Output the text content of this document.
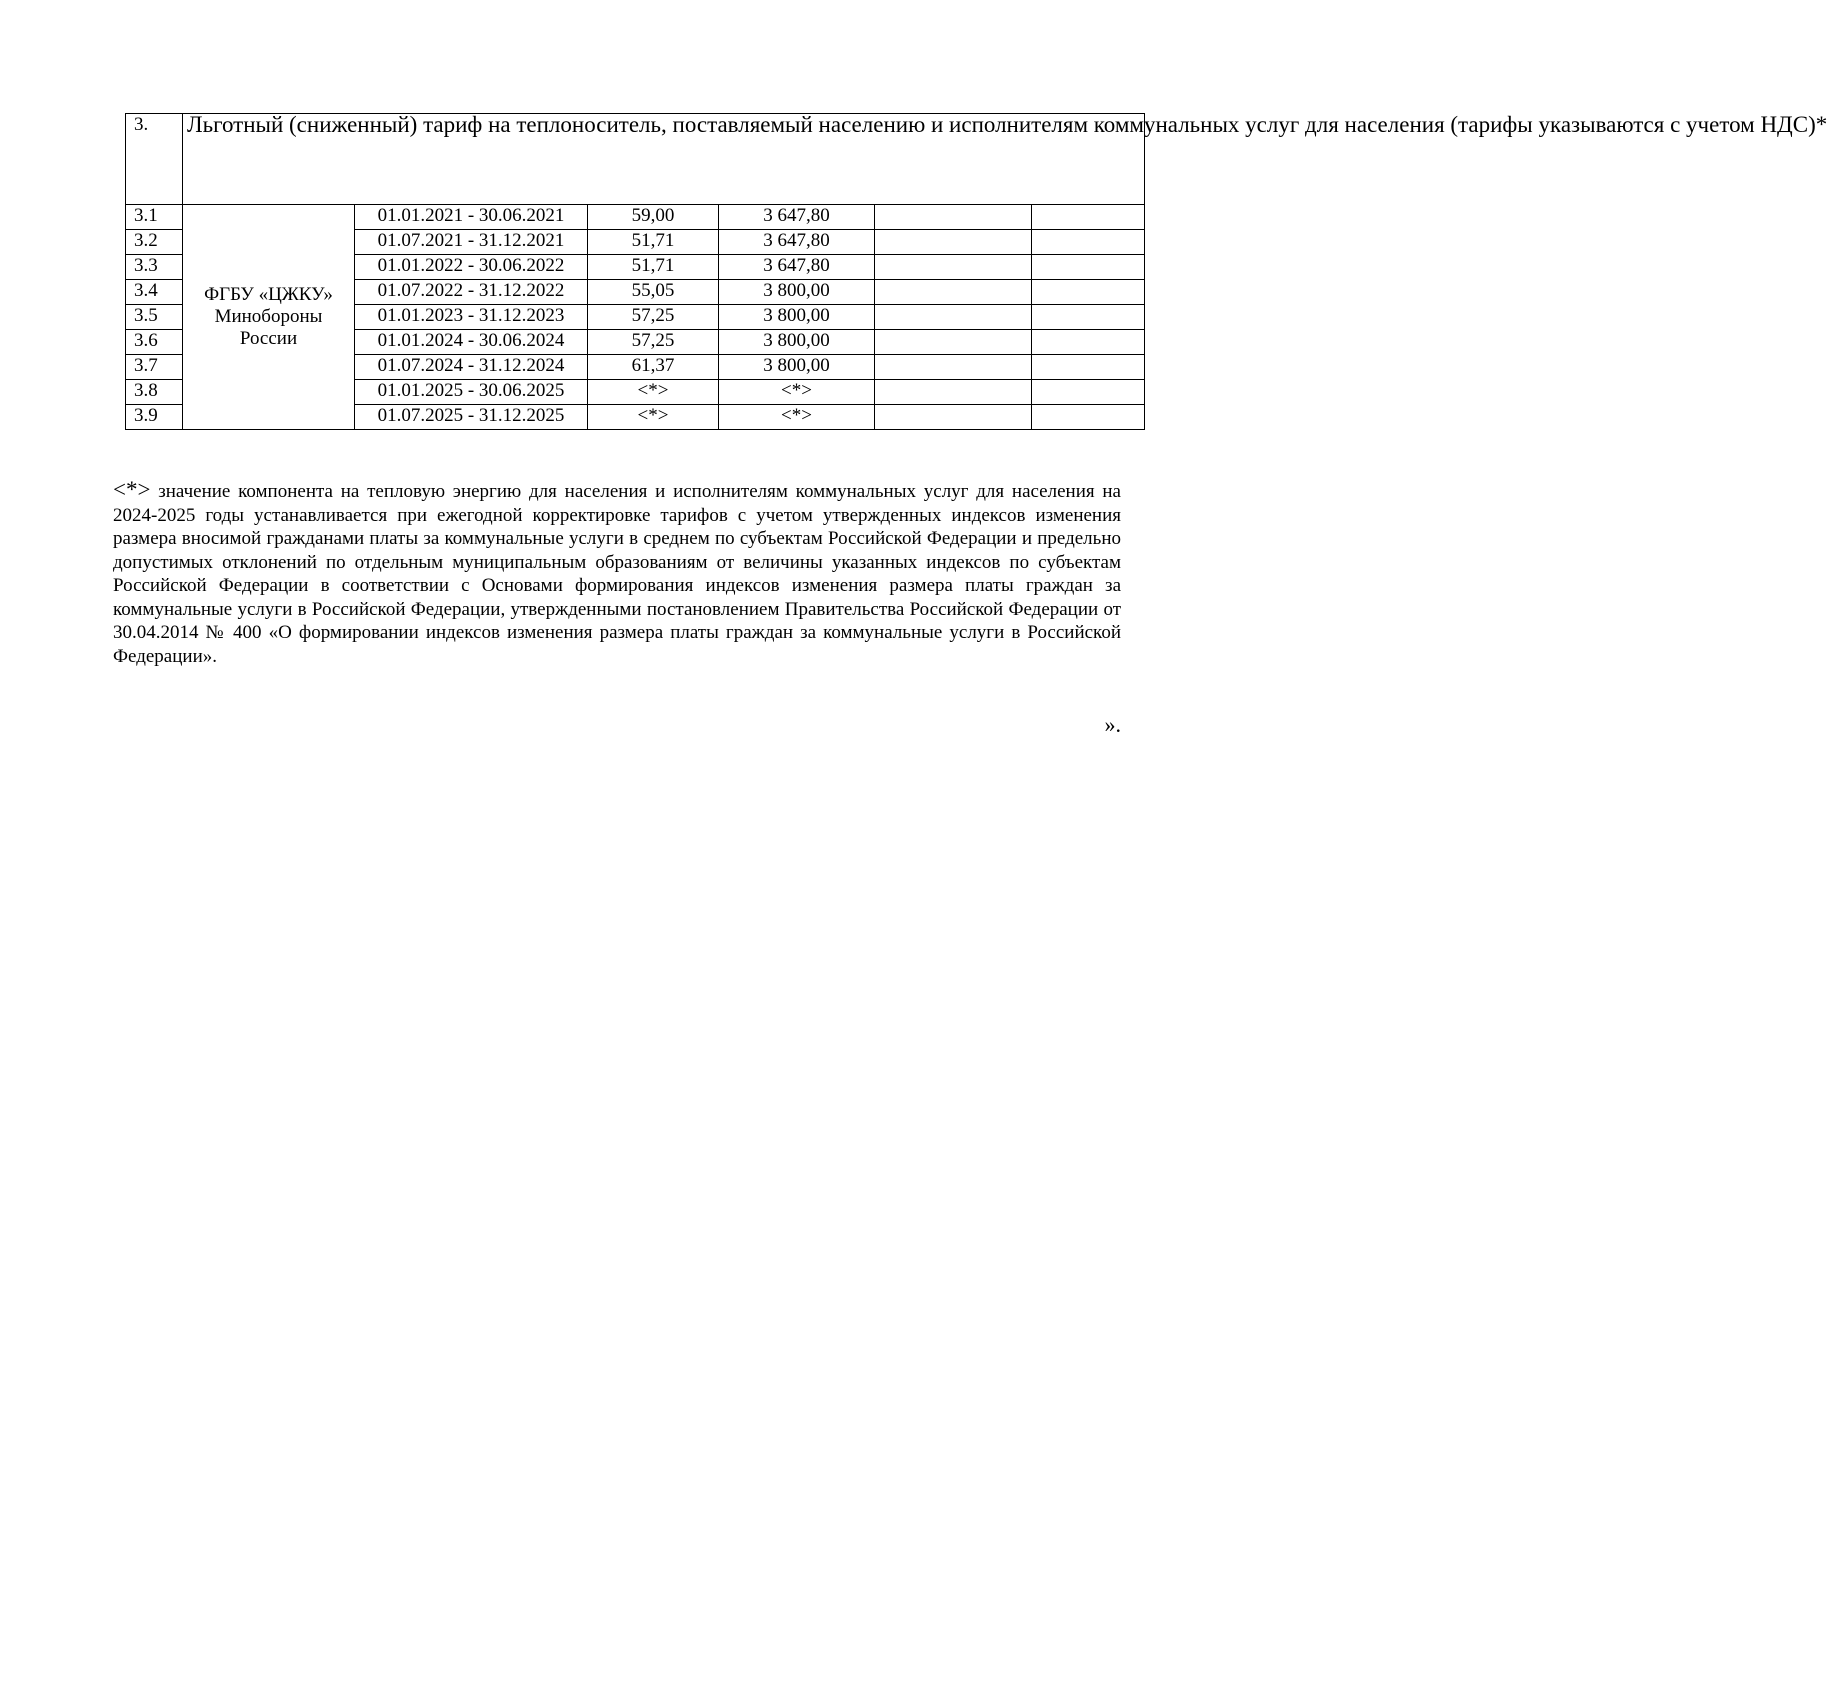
3.	Льготный (сниженный) тариф на теплоноситель, поставляемый населению и исполнителям коммунальных услуг для населения (тарифы указываются с учетом НДС)*					
3.1	ФГБУ «ЦЖКУ» Минобороны России	01.01.2021 - 30.06.2021	59,00	3 647,80		
3.2		01.07.2021 - 31.12.2021	51,71	3 647,80		
3.3		01.01.2022 - 30.06.2022	51,71	3 647,80		
3.4		01.07.2022 - 31.12.2022	55,05	3 800,00		
3.5		01.01.2023 - 31.12.2023	57,25	3 800,00		
3.6		01.01.2024 - 30.06.2024	57,25	3 800,00		
3.7		01.07.2024 - 31.12.2024	61,37	3 800,00		
3.8		01.01.2025 - 30.06.2025	<*>	<*>		
3.9		01.07.2025 - 31.12.2025	<*>	<*>		
<*> значение компонента на тепловую энергию для населения и исполнителям коммунальных услуг для населения на 2024-2025 годы устанавливается при ежегодной корректировке тарифов с учетом утвержденных индексов изменения размера вносимой гражданами платы за коммунальные услуги в среднем по субъектам Российской Федерации и предельно допустимых отклонений по отдельным муниципальным образованиям от величины указанных индексов по субъектам Российской Федерации в соответствии с Основами формирования индексов изменения размера платы граждан за коммунальные услуги в Российской Федерации, утвержденными постановлением Правительства Российской Федерации от 30.04.2014 № 400 «О формировании индексов изменения размера платы граждан за коммунальные услуги в Российской Федерации».
».
